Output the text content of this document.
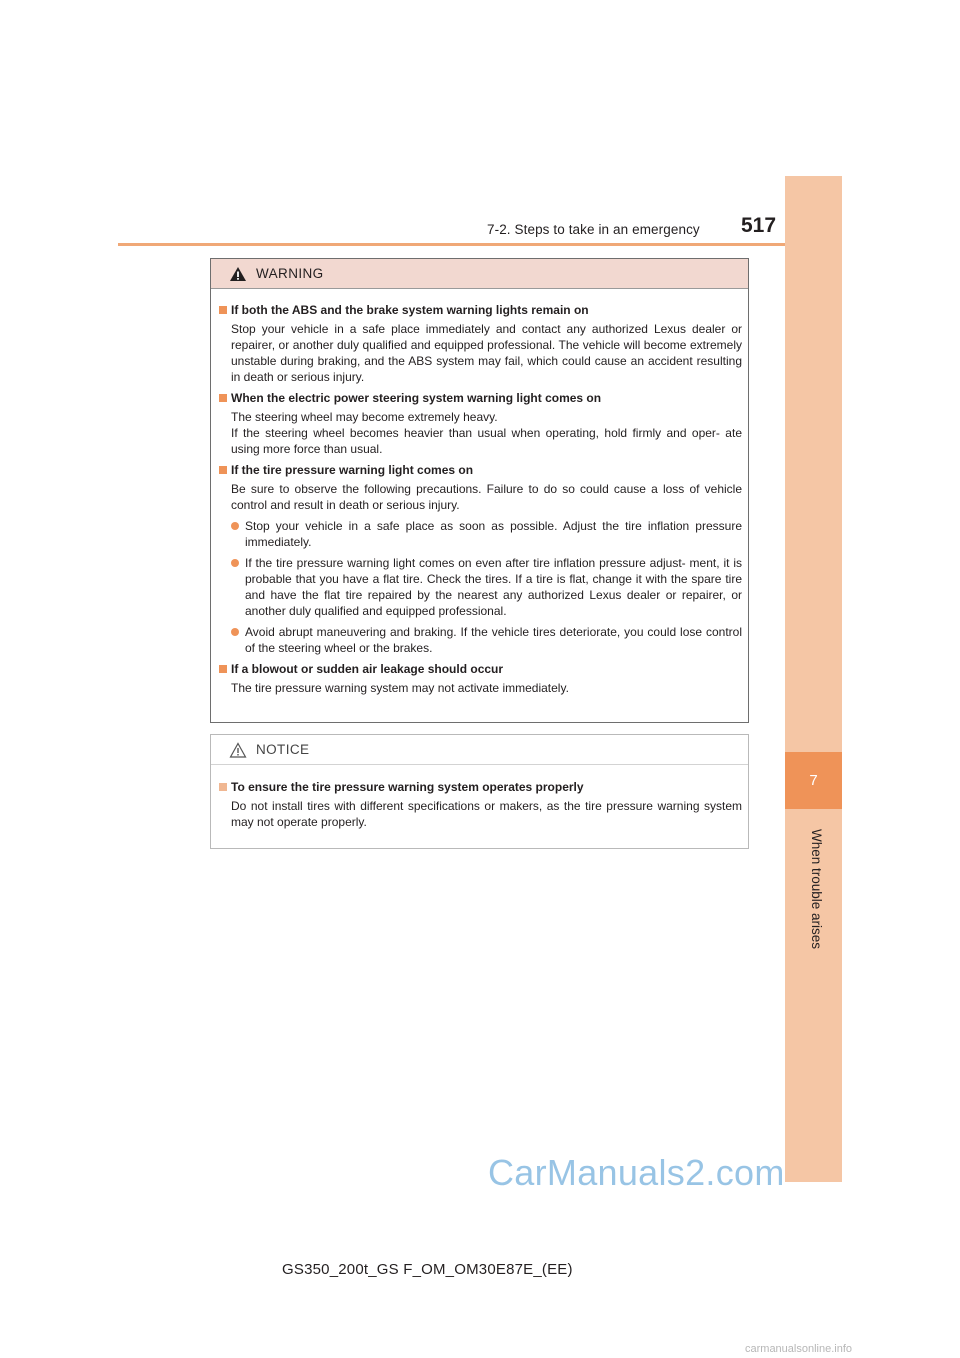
7-2. Steps to take in an emergency 517
7
When trouble arises
WARNING
If both the ABS and the brake system warning lights remain on
Stop your vehicle in a safe place immediately and contact any authorized Lexus dealer or repairer, or another duly qualified and equipped professional. The vehicle will become extremely unstable during braking, and the ABS system may fail, which could cause an accident resulting in death or serious injury.
When the electric power steering system warning light comes on
The steering wheel may become extremely heavy.
If the steering wheel becomes heavier than usual when operating, hold firmly and oper- ate using more force than usual.
If the tire pressure warning light comes on
Be sure to observe the following precautions. Failure to do so could cause a loss of vehicle control and result in death or serious injury.
Stop your vehicle in a safe place as soon as possible. Adjust the tire inflation pressure immediately.
If the tire pressure warning light comes on even after tire inflation pressure adjust- ment, it is probable that you have a flat tire. Check the tires. If a tire is flat, change it with the spare tire and have the flat tire repaired by the nearest any authorized Lexus dealer or repairer, or another duly qualified and equipped professional.
Avoid abrupt maneuvering and braking. If the vehicle tires deteriorate, you could lose control of the steering wheel or the brakes.
If a blowout or sudden air leakage should occur
The tire pressure warning system may not activate immediately.
NOTICE
To ensure the tire pressure warning system operates properly
Do not install tires with different specifications or makers, as the tire pressure warning system may not operate properly.
CarManuals2.com
GS350_200t_GS F_OM_OM30E87E_(EE)
carmanualsonline.info
